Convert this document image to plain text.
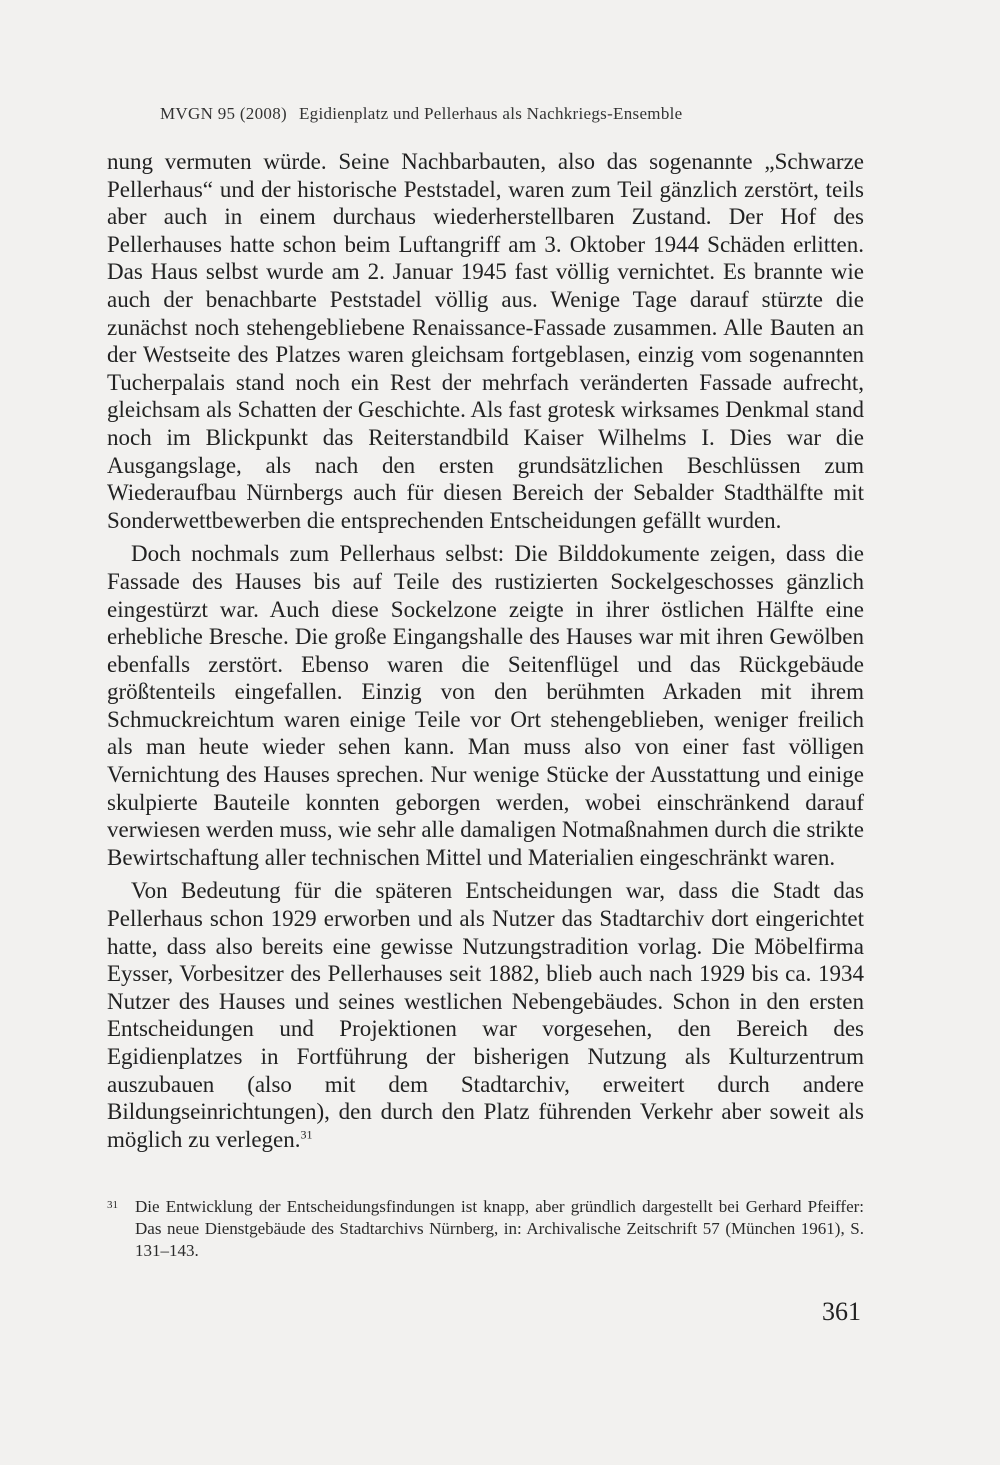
MVGN 95 (2008) Egidienplatz und Pellerhaus als Nachkriegs-Ensemble

nung vermuten würde. Seine Nachbarbauten, also das sogenannte „Schwarze Pellerhaus“ und der historische Peststadel, waren zum Teil gänzlich zerstört, teils aber auch in einem durchaus wiederherstellbaren Zustand. Der Hof des Pellerhauses hatte schon beim Luftangriff am 3. Oktober 1944 Schäden erlitten. Das Haus selbst wurde am 2. Januar 1945 fast völlig vernichtet. Es brannte wie auch der benachbarte Peststadel völlig aus. Wenige Tage darauf stürzte die zunächst noch stehengebliebene Renaissance-Fassade zusammen. Alle Bauten an der Westseite des Platzes waren gleichsam fortgeblasen, einzig vom sogenannten Tucherpalais stand noch ein Rest der mehrfach veränderten Fassade aufrecht, gleichsam als Schatten der Geschichte. Als fast grotesk wirksames Denkmal stand noch im Blickpunkt das Reiterstandbild Kaiser Wilhelms I. Dies war die Ausgangslage, als nach den ersten grundsätzlichen Beschlüssen zum Wiederaufbau Nürnbergs auch für diesen Bereich der Sebalder Stadthälfte mit Sonderwettbewerben die entsprechenden Entscheidungen gefällt wurden.

Doch nochmals zum Pellerhaus selbst: Die Bilddokumente zeigen, dass die Fassade des Hauses bis auf Teile des rustizierten Sockelgeschosses gänzlich eingestürzt war. Auch diese Sockelzone zeigte in ihrer östlichen Hälfte eine erhebliche Bresche. Die große Eingangshalle des Hauses war mit ihren Gewölben ebenfalls zerstört. Ebenso waren die Seitenflügel und das Rückgebäude größtenteils eingefallen. Einzig von den berühmten Arkaden mit ihrem Schmuckreichtum waren einige Teile vor Ort stehengeblieben, weniger freilich als man heute wieder sehen kann. Man muss also von einer fast völligen Vernichtung des Hauses sprechen. Nur wenige Stücke der Ausstattung und einige skulpierte Bauteile konnten geborgen werden, wobei einschränkend darauf verwiesen werden muss, wie sehr alle damaligen Notmaßnahmen durch die strikte Bewirtschaftung aller technischen Mittel und Materialien eingeschränkt waren.

Von Bedeutung für die späteren Entscheidungen war, dass die Stadt das Pellerhaus schon 1929 erworben und als Nutzer das Stadtarchiv dort eingerichtet hatte, dass also bereits eine gewisse Nutzungstradition vorlag. Die Möbelfirma Eysser, Vorbesitzer des Pellerhauses seit 1882, blieb auch nach 1929 bis ca. 1934 Nutzer des Hauses und seines westlichen Nebengebäudes. Schon in den ersten Entscheidungen und Projektionen war vorgesehen, den Bereich des Egidienplatzes in Fortführung der bisherigen Nutzung als Kulturzentrum auszubauen (also mit dem Stadtarchiv, erweitert durch andere Bildungseinrichtungen), den durch den Platz führenden Verkehr aber soweit als möglich zu verlegen.$^{31}$

31 Die Entwicklung der Entscheidungsfindungen ist knapp, aber gründlich dargestellt bei Gerhard Pfeiffer: Das neue Dienstgebäude des Stadtarchivs Nürnberg, in: Archivalische Zeitschrift 57 (München 1961), S. 131–143.
361
